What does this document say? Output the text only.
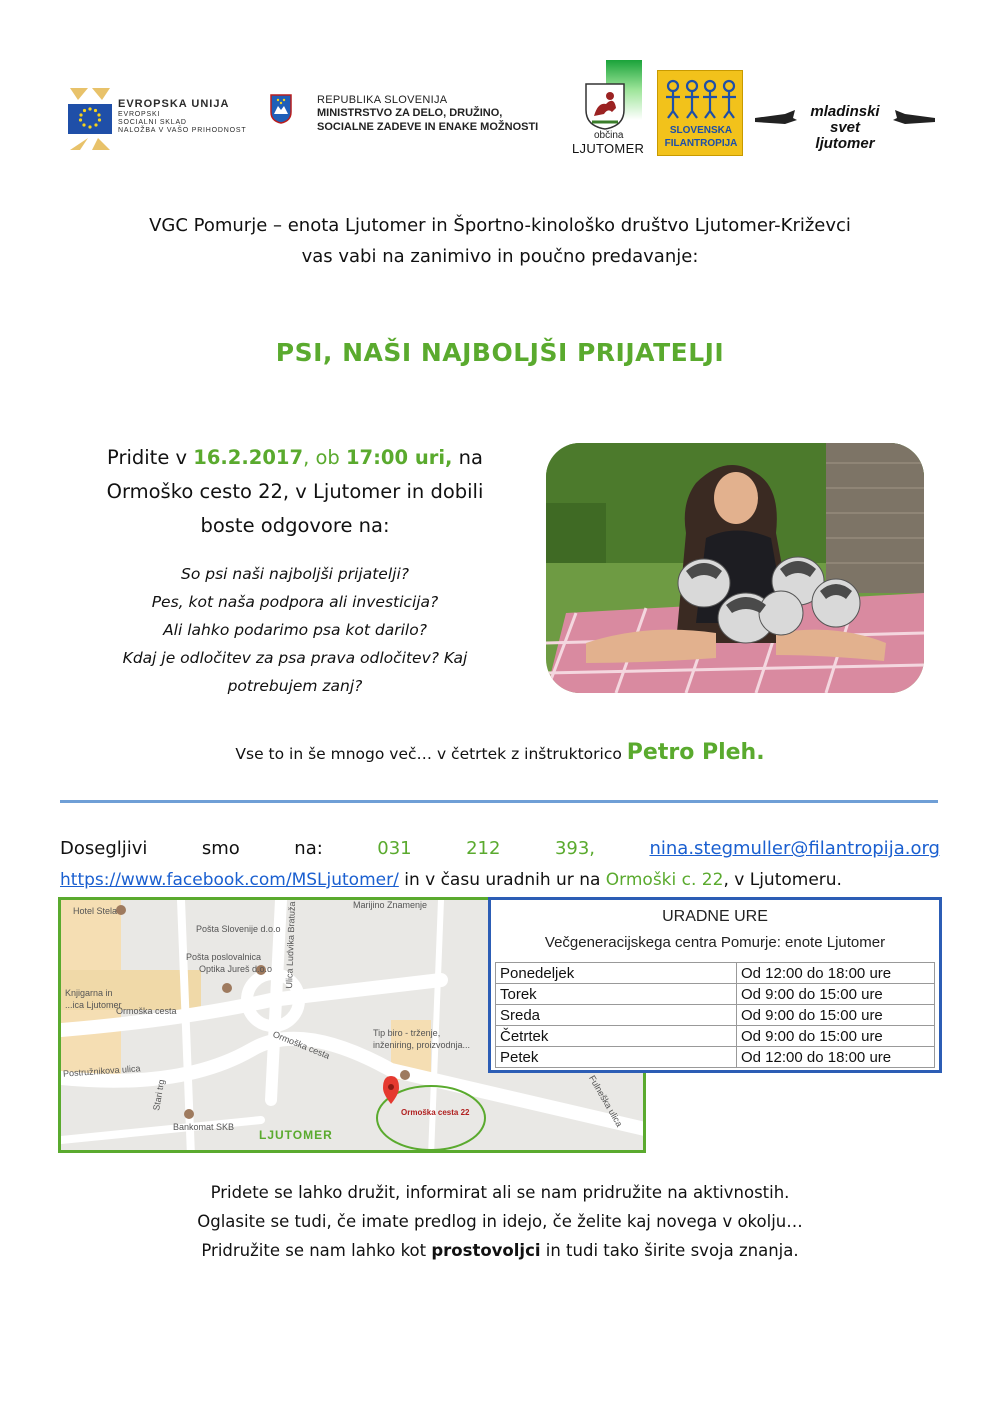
EVROPSKA UNIJA
EVROPSKI
SOCIALNI SKLAD
NALOŽBA V VAŠO PRIHODNOST
REPUBLIKA SLOVENIJA
MINISTRSTVO ZA DELO, DRUŽINO,
SOCIALNE ZADEVE IN ENAKE MOŽNOSTI
občina
LJUTOMER
SLOVENSKA
FILANTROPIJA
mladinski svet
ljutomer
VGC Pomurje – enota Ljutomer in Športno-kinološko društvo Ljutomer-Križevci
vas vabi na zanimivo in poučno predavanje:
PSI, NAŠI NAJBOLJŠI PRIJATELJI
Pridite v 16.2.2017, ob 17:00 uri, na
Ormoško cesto 22, v Ljutomer in dobili
boste odgovore na:
So psi naši najboljši prijatelji?
Pes, kot naša podpora ali investicija?
Ali lahko podarimo psa kot darilo?
Kdaj je odločitev za psa prava odločitev? Kaj
potrebujem zanj?
Vse to in še mnogo več… v četrtek z inštruktorico Petro Pleh.
Dosegljivi	smo	na:	031	212	393,	nina.stegmuller@filantropija.org
https://www.facebook.com/MSLjutomer/ in v času uradnih ur na Ormoški c. 22, v Ljutomeru.
Hotel Stela
Pošta Slovenije d.o.o
Pošta poslovalnica
Optika Jureš d.o.o
Knjigarna in
...ica Ljutomer
Ormoška cesta
Ormoška cesta
Postružnikova ulica
Ulica Ludvika Bratuža
Starі trg	Fulneška ulica
Tip biro - trženje,
inženiring, proizvodnja...
Bankomat SKB
Marijino Znamenje
Ormoška cesta 22
LJUTOMER
URADNE URE
Večgeneracijskega centra Pomurje: enote Ljutomer
Ponedeljek	Od 12:00 do 18:00 ure
Torek	Od 9:00 do 15:00 ure
Sreda	Od 9:00 do 15:00 ure
Četrtek	Od 9:00 do 15:00 ure
Petek	Od 12:00 do 18:00 ure
Pridete se lahko družit, informirat ali se nam pridružite na aktivnostih.
Oglasite se tudi, če imate predlog in idejo, če želite kaj novega v okolju…
Pridružite se nam lahko kot prostovoljci in tudi tako širite svoja znanja.
